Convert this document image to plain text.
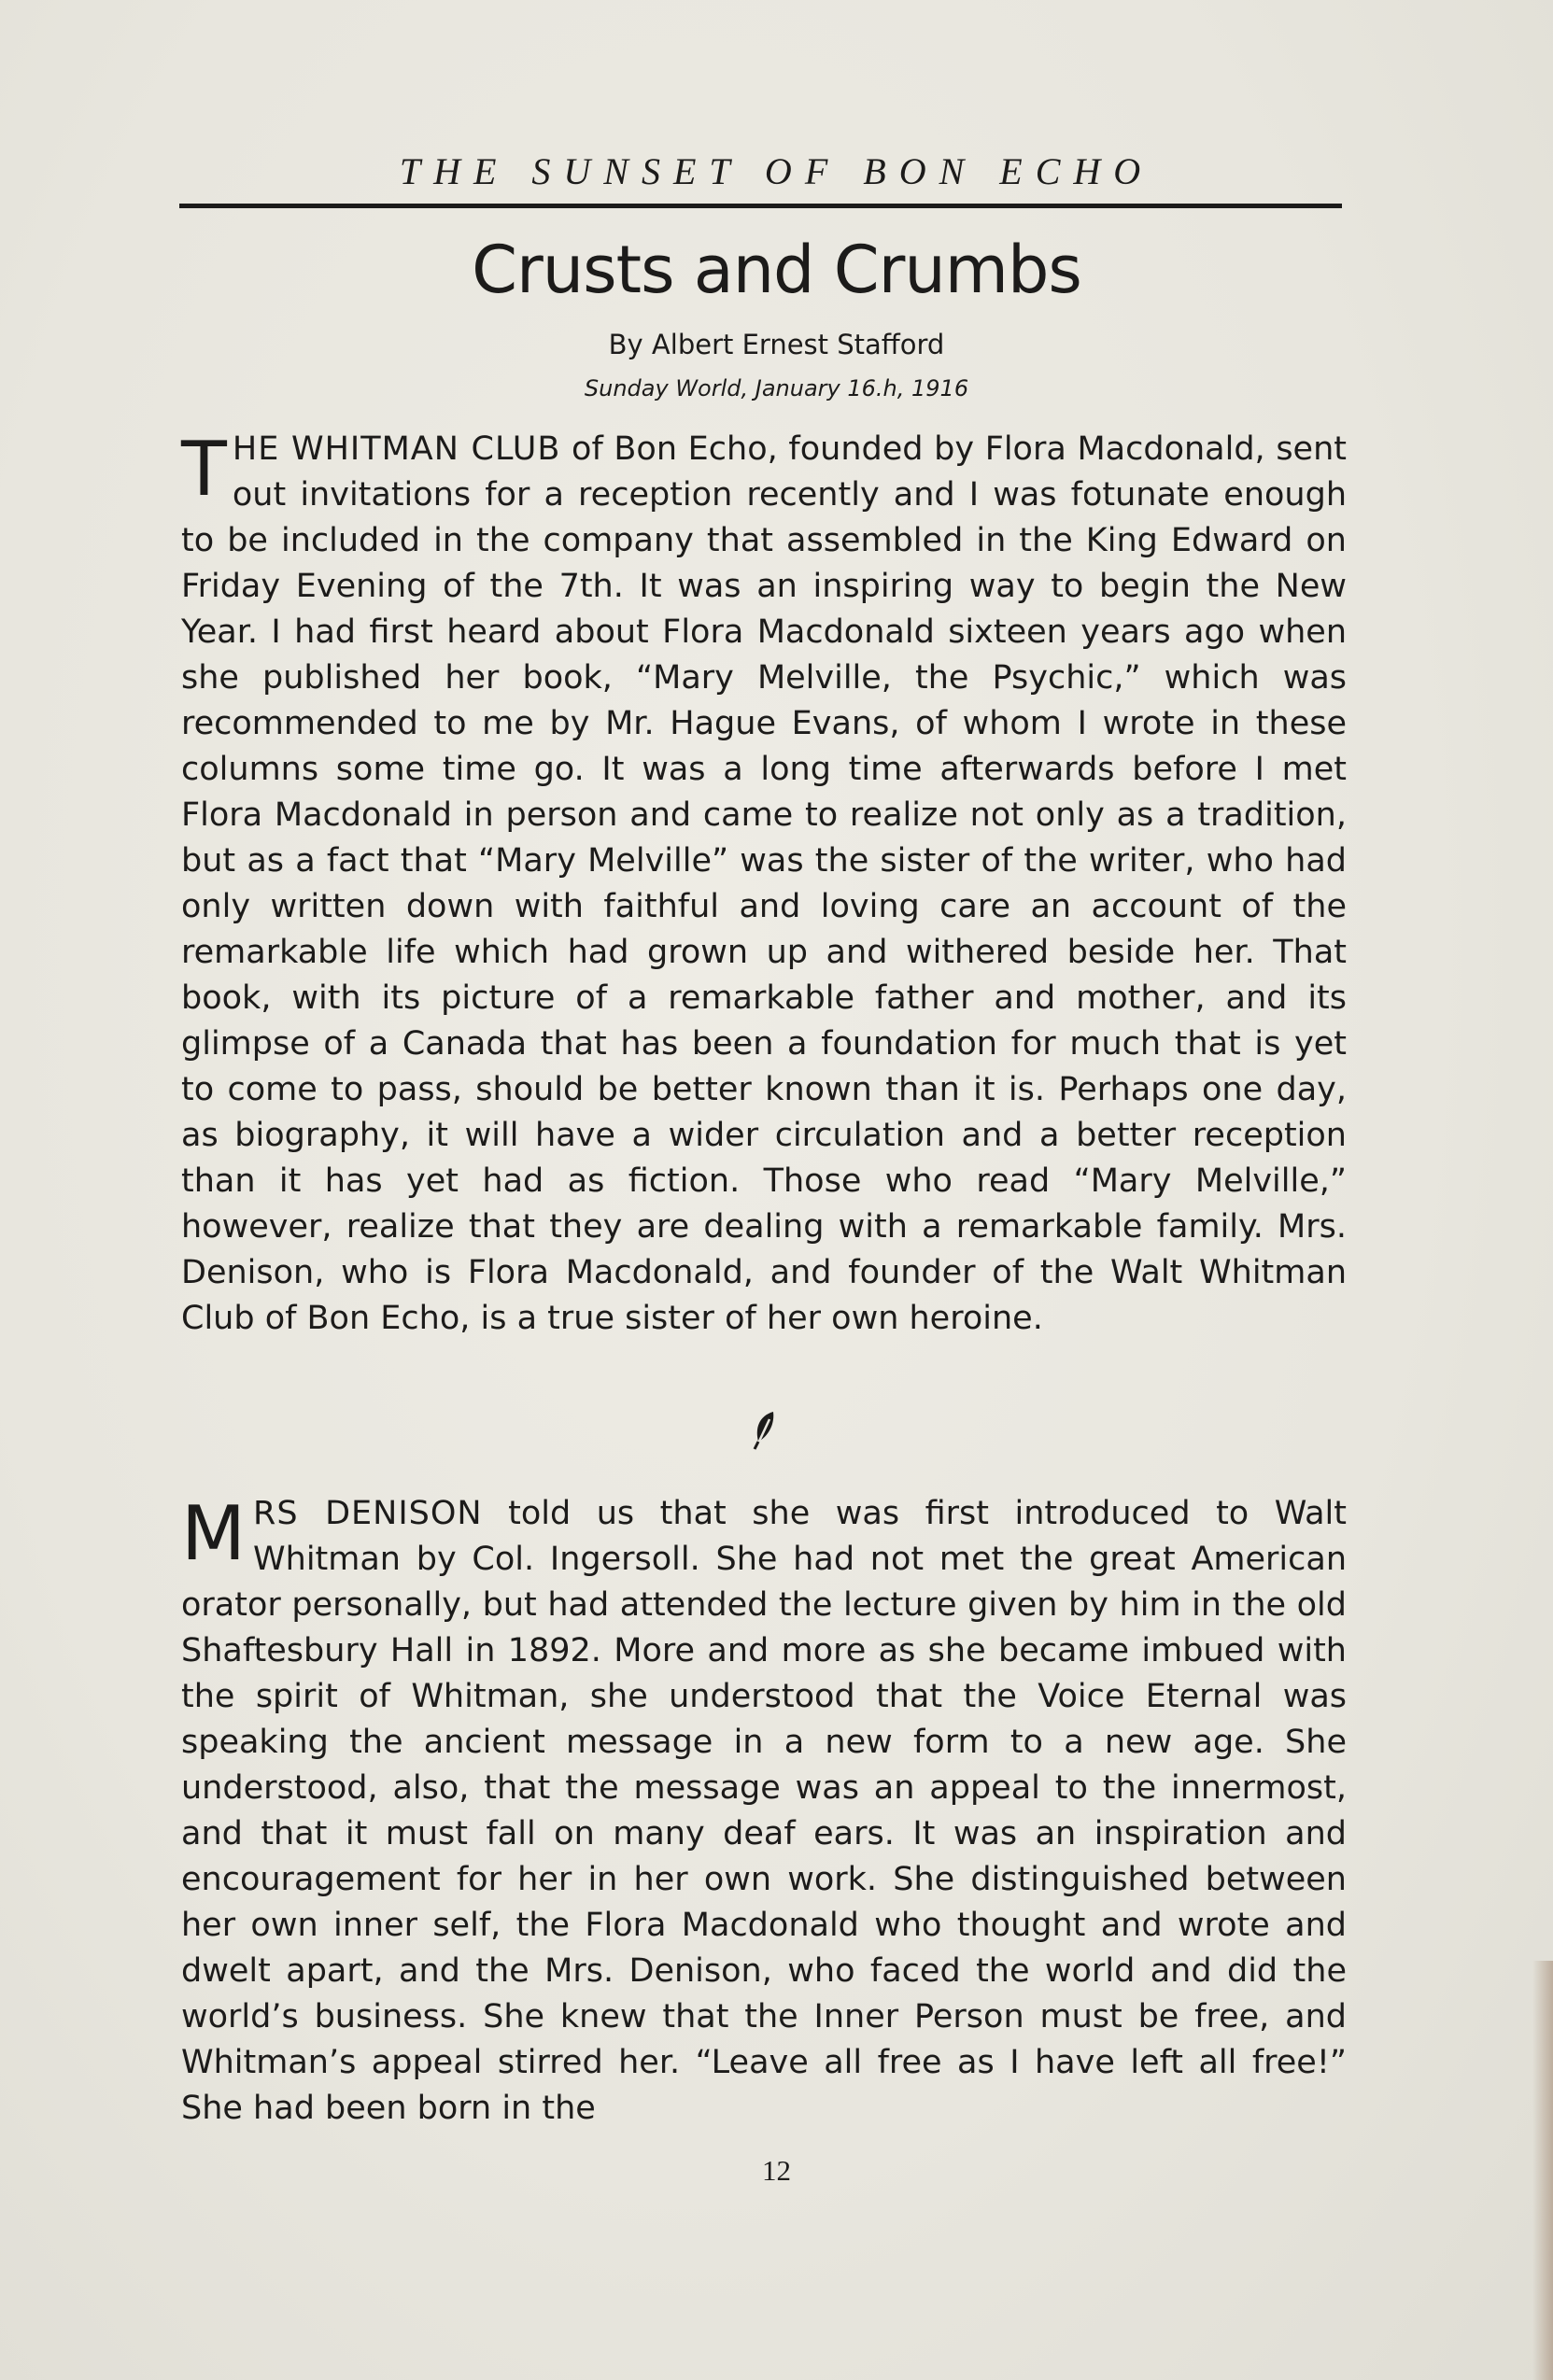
THE SUNSET OF BON ECHO
Crusts and Crumbs
By Albert Ernest Stafford
Sunday World, January 16.h, 1916
THE WHITMAN CLUB of Bon Echo, founded by Flora Macdonald, sent out invitations for a reception recently and I was fotunate enough to be included in the company that assembled in the King Edward on Friday Evening of the 7th. It was an inspiring way to begin the New Year. I had first heard about Flora Macdonald sixteen years ago when she published her book, “Mary Melville, the Psychic,” which was recommended to me by Mr. Hague Evans, of whom I wrote in these columns some time go. It was a long time afterwards before I met Flora Macdonald in person and came to realize not only as a tradition, but as a fact that “Mary Melville” was the sister of the writer, who had only written down with faithful and loving care an account of the remarkable life which had grown up and withered beside her. That book, with its picture of a remarkable father and mother, and its glimpse of a Canada that has been a foundation for much that is yet to come to pass, should be better known than it is. Perhaps one day, as biography, it will have a wider circulation and a better reception than it has yet had as fiction. Those who read “Mary Melville,” however, realize that they are dealing with a remarkable family. Mrs. Denison, who is Flora Macdonald, and founder of the Walt Whitman Club of Bon Echo, is a true sister of her own heroine.
MRS DENISON told us that she was first introduced to Walt Whitman by Col. Ingersoll. She had not met the great American orator personally, but had attended the lecture given by him in the old Shaftesbury Hall in 1892. More and more as she became imbued with the spirit of Whitman, she understood that the Voice Eternal was speaking the ancient message in a new form to a new age. She understood, also, that the message was an appeal to the innermost, and that it must fall on many deaf ears. It was an inspiration and encouragement for her in her own work. She distinguished between her own inner self, the Flora Macdonald who thought and wrote and dwelt apart, and the Mrs. Denison, who faced the world and did the world’s business. She knew that the Inner Person must be free, and Whitman’s appeal stirred her. “Leave all free as I have left all free!” She had been born in the
12
